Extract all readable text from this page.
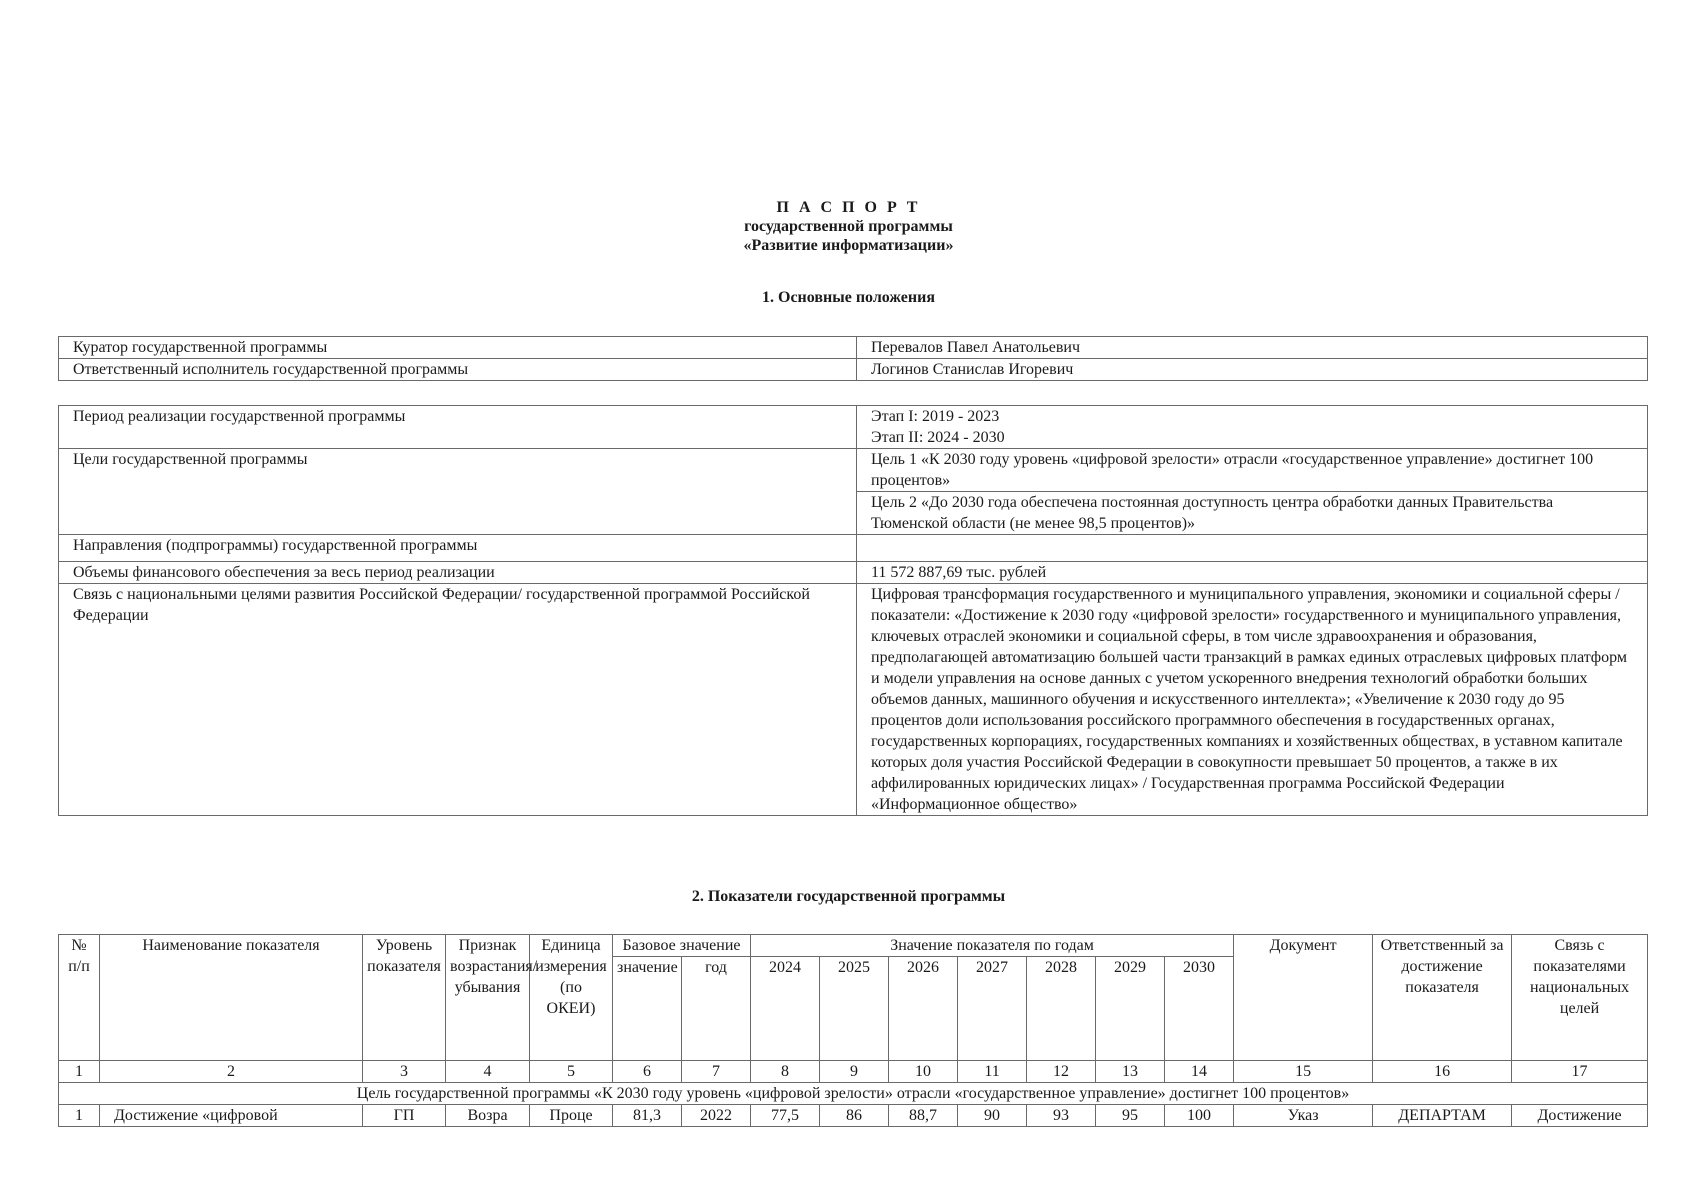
П А С П О Р Т
государственной программы
«Развитие информатизации»
1. Основные положения
Куратор государственной программы	Перевалов Павел Анатольевич
Ответственный исполнитель государственной программы	Логинов Станислав Игоревич
Период реализации государственной программы	Этап I: 2019 - 2023
Этап II: 2024 - 2030

Цели государственной программы	Цель 1 «К 2030 году уровень «цифровой зрелости» отрасли «государственное управление» достигнет 100 процентов»
	Цель 2 «До 2030 года обеспечена постоянная доступность центра обработки данных Правительства Тюменской области (не менее 98,5 процентов)»
Направления (подпрограммы) государственной программы	
Объемы финансового обеспечения за весь период реализации	11 572 887,69 тыс. рублей
Связь с национальными целями развития Российской Федерации/ государственной программой Российской Федерации	Цифровая трансформация государственного и муниципального управления, экономики и социальной сферы / показатели: «Достижение к 2030 году «цифровой зрелости» государственного и муниципального управления, ключевых отраслей экономики и социальной сферы, в том числе здравоохранения и образования, предполагающей автоматизацию большей части транзакций в рамках единых отраслевых цифровых платформ и модели управления на основе данных с учетом ускоренного внедрения технологий обработки больших объемов данных, машинного обучения и искусственного интеллекта»; «Увеличение к 2030 году до 95 процентов доли использования российского программного обеспечения в государственных органах, государственных корпорациях, государственных компаниях и хозяйственных обществах, в уставном капитале которых доля участия Российской Федерации в совокупности превышает 50 процентов, а также в их аффилированных юридических лицах» / Государственная программа Российской Федерации «Информационное общество»
2. Показатели государственной программы
№ п/п	Наименование показателя	Уровень показателя	Признак возрастания/ убывания	Единица измерения (по ОКЕИ)	Базовое значение		Значение показателя по годам							Документ	Ответственный за достижение показателя	Связь с показателями национальных целей
					значение	год	2024	2025	2026	2027	2028	2029	2030			
1	2	3	4	5	6	7	8	9	10	11	12	13	14	15	16	17
Цель государственной программы «К 2030 году уровень «цифровой зрелости» отрасли «государственное управление» достигнет 100 процентов»																
1	Достижение «цифровой	ГП	Возра	Проце	81,3	2022	77,5	86	88,7	90	93	95	100	Указ	ДЕПАРТАМ	Достижение
